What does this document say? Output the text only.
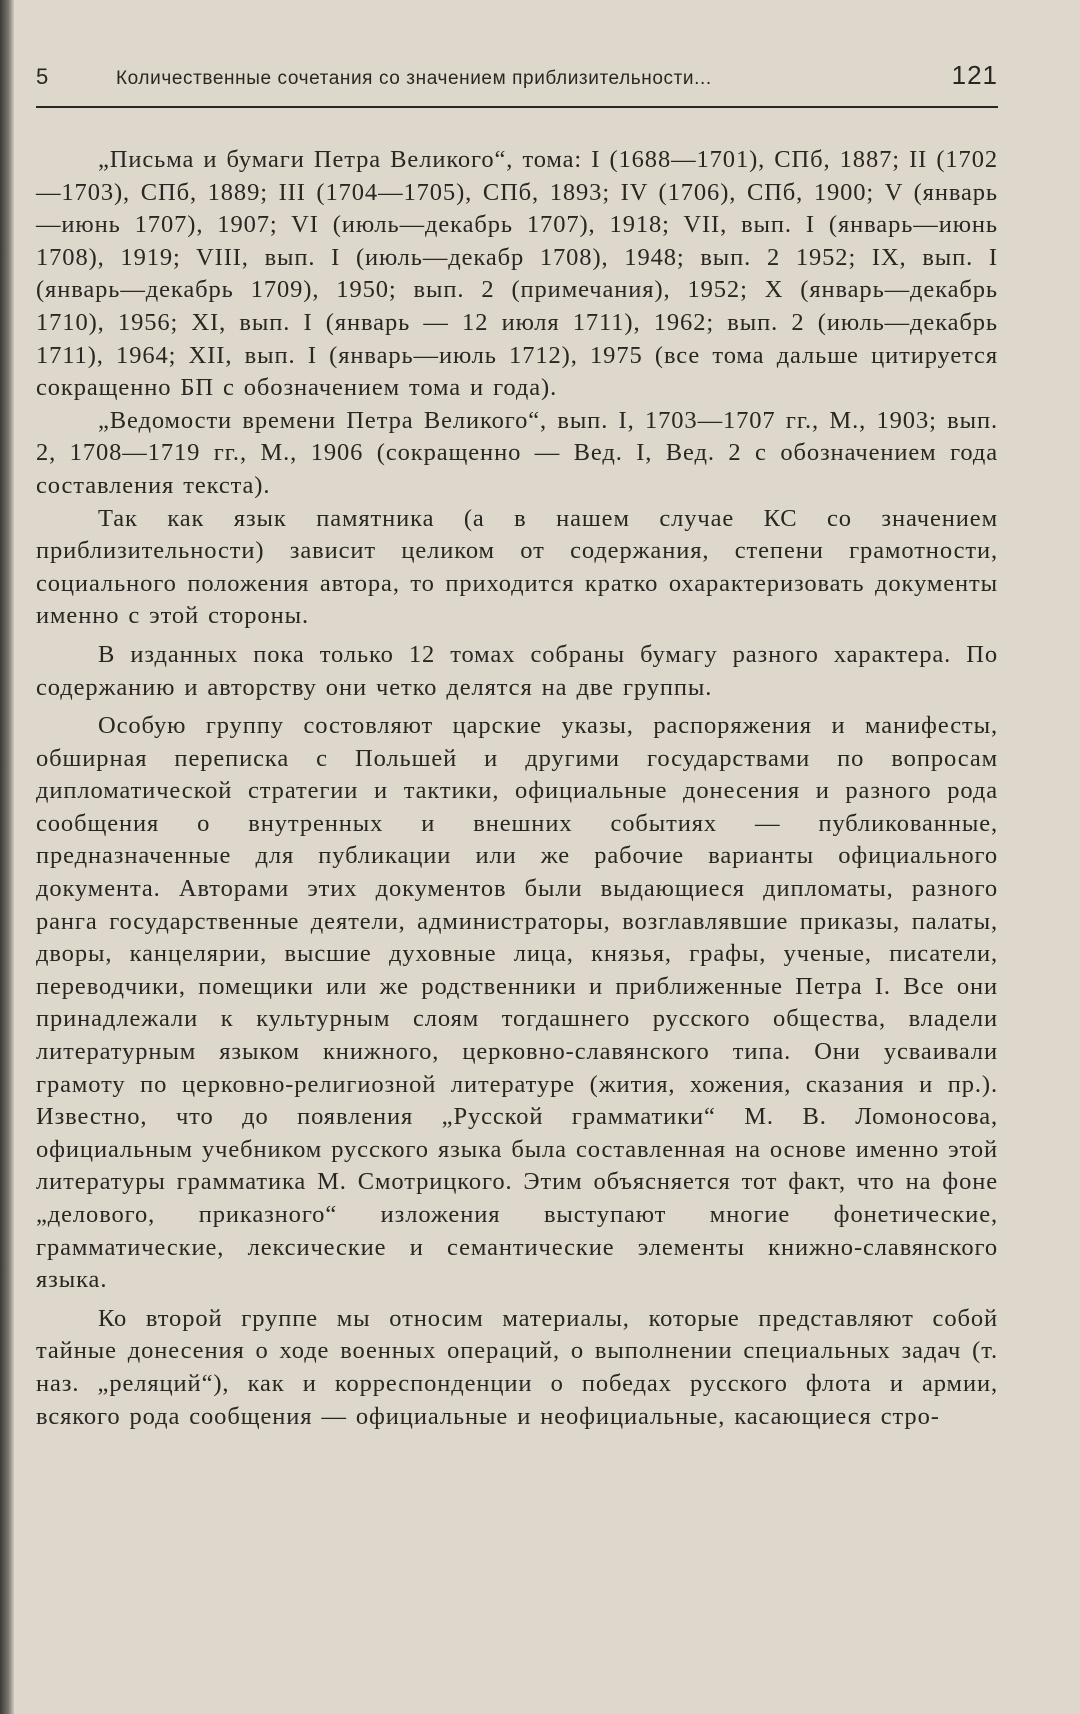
5	Количественные сочетания со значением приблизительности...	121

„Письма и бумаги Петра Великого“, тома: I (1688—1701), СПб, 1887; II (1702—1703), СПб, 1889; III (1704—1705), СПб, 1893; IV (1706), СПб, 1900; V (январь—июнь 1707), 1907; VI (июль—декабрь 1707), 1918; VII, вып. I (январь—июнь 1708), 1919; VIII, вып. I (июль—декабр 1708), 1948; вып. 2 1952; IX, вып. I (январь—декабрь 1709), 1950; вып. 2 (примечания), 1952; X (январь—декабрь 1710), 1956; XI, вып. I (январь — 12 июля 1711), 1962; вып. 2 (июль—декабрь 1711), 1964; XII, вып. I (январь—июль 1712), 1975 (все тома дальше цитируется сокращенно БП с обозначением тома и года).

„Ведомости времени Петра Великого“, вып. I, 1703—1707 гг., М., 1903; вып. 2, 1708—1719 гг., М., 1906 (сокращенно — Вед. I, Вед. 2 с обозначением года составления текста).

Так как язык памятника (а в нашем случае КС со значением приблизительности) зависит целиком от содержания, степени грамотности, социального положения автора, то приходится кратко охарактеризовать документы именно с этой стороны.

В изданных пока только 12 томах собраны бумагу разного характера. По содержанию и авторству они четко делятся на две группы.

Особую группу состовляют царские указы, распоряжения и манифесты, обширная переписка с Польшей и другими государствами по вопросам дипломатической стратегии и тактики, официальные донесения и разного рода сообщения о внутренных и внешних событиях — публикованные, предназначенные для публикации или же рабочие варианты официального документа. Авторами этих документов были выдающиеся дипломаты, разного ранга государственные деятели, администраторы, возглавлявшие приказы, палаты, дворы, канцелярии, высшие духовные лица, князья, графы, ученые, писатели, переводчики, помещики или же родственники и приближенные Петра I. Все они принадлежали к культурным слоям тогдашнего русского общества, владели литературным языком книжного, церковно-славянского типа. Они усваивали грамоту по церковно-религиозной литературе (жития, хожения, сказания и пр.). Известно, что до появления „Русской грамматики“ М. В. Ломоносова, официальным учебником русского языка была составленная на основе именно этой литературы грамматика М. Смотрицкого. Этим объясняется тот факт, что на фоне „делового, приказного“ изложения выступают многие фонетические, грамматические, лексические и семантические элементы книжно-славянского языка.

Ко второй группе мы относим материалы, которые представляют собой тайные донесения о ходе военных операций, о выполнении специальных задач (т. наз. „реляций“), как и корреспонденции о победах русского флота и армии, всякого рода сообщения — официальные и неофициальные, касающиеся стро-
